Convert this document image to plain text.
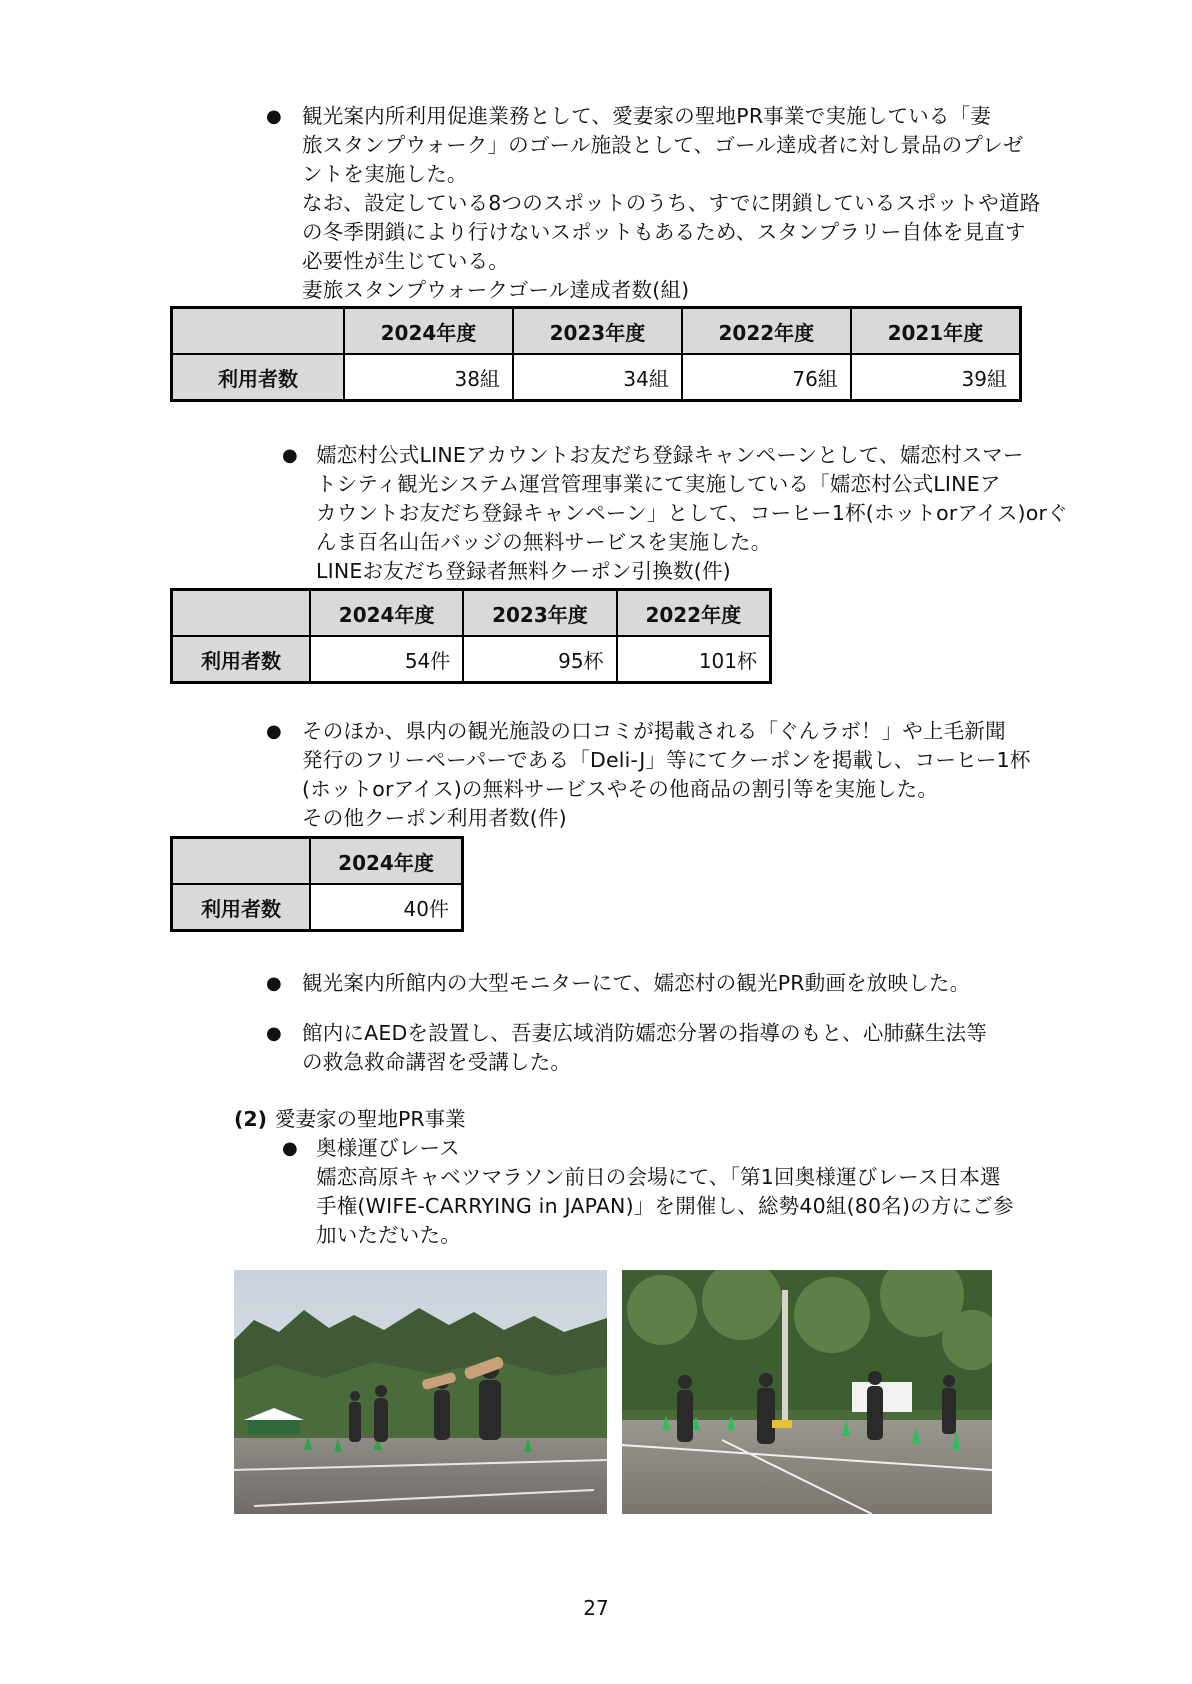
● 観光案内所利用促進業務として、愛妻家の聖地PR事業で実施している「妻
旅スタンプウォーク」のゴール施設として、ゴール達成者に対し景品のプレゼ
ントを実施した。
なお、設定している8つのスポットのうち、すでに閉鎖しているスポットや道路
の冬季閉鎖により行けないスポットもあるため、スタンプラリー自体を見直す
必要性が生じている。
妻旅スタンプウォークゴール達成者数(組)
	2024年度	2023年度	2022年度	2021年度
利用者数	38組	34組	76組	39組
● 嬬恋村公式LINEアカウントお友だち登録キャンペーンとして、嬬恋村スマー
トシティ観光システム運営管理事業にて実施している「嬬恋村公式LINEア
カウントお友だち登録キャンペーン」として、コーヒー1杯(ホットorアイス)orぐ
んま百名山缶バッジの無料サービスを実施した。
LINEお友だち登録者無料クーポン引換数(件)
	2024年度	2023年度	2022年度
利用者数	54件	95杯	101杯
● そのほか、県内の観光施設の口コミが掲載される「ぐんラボ！」や上毛新聞
発行のフリーペーパーである「Deli-J」等にてクーポンを掲載し、コーヒー1杯
(ホットorアイス)の無料サービスやその他商品の割引等を実施した。
その他クーポン利用者数(件)
	2024年度
利用者数	40件
● 観光案内所館内の大型モニターにて、嬬恋村の観光PR動画を放映した。
● 館内にAEDを設置し、吾妻広域消防嬬恋分署の指導のもと、心肺蘇生法等
の救急救命講習を受講した。
(2) 愛妻家の聖地PR事業
● 奥様運びレース
嬬恋高原キャベツマラソン前日の会場にて、「第1回奥様運びレース日本選
手権(WIFE-CARRYING in JAPAN)」を開催し、総勢40組(80名)の方にご参
加いただいた。
27
